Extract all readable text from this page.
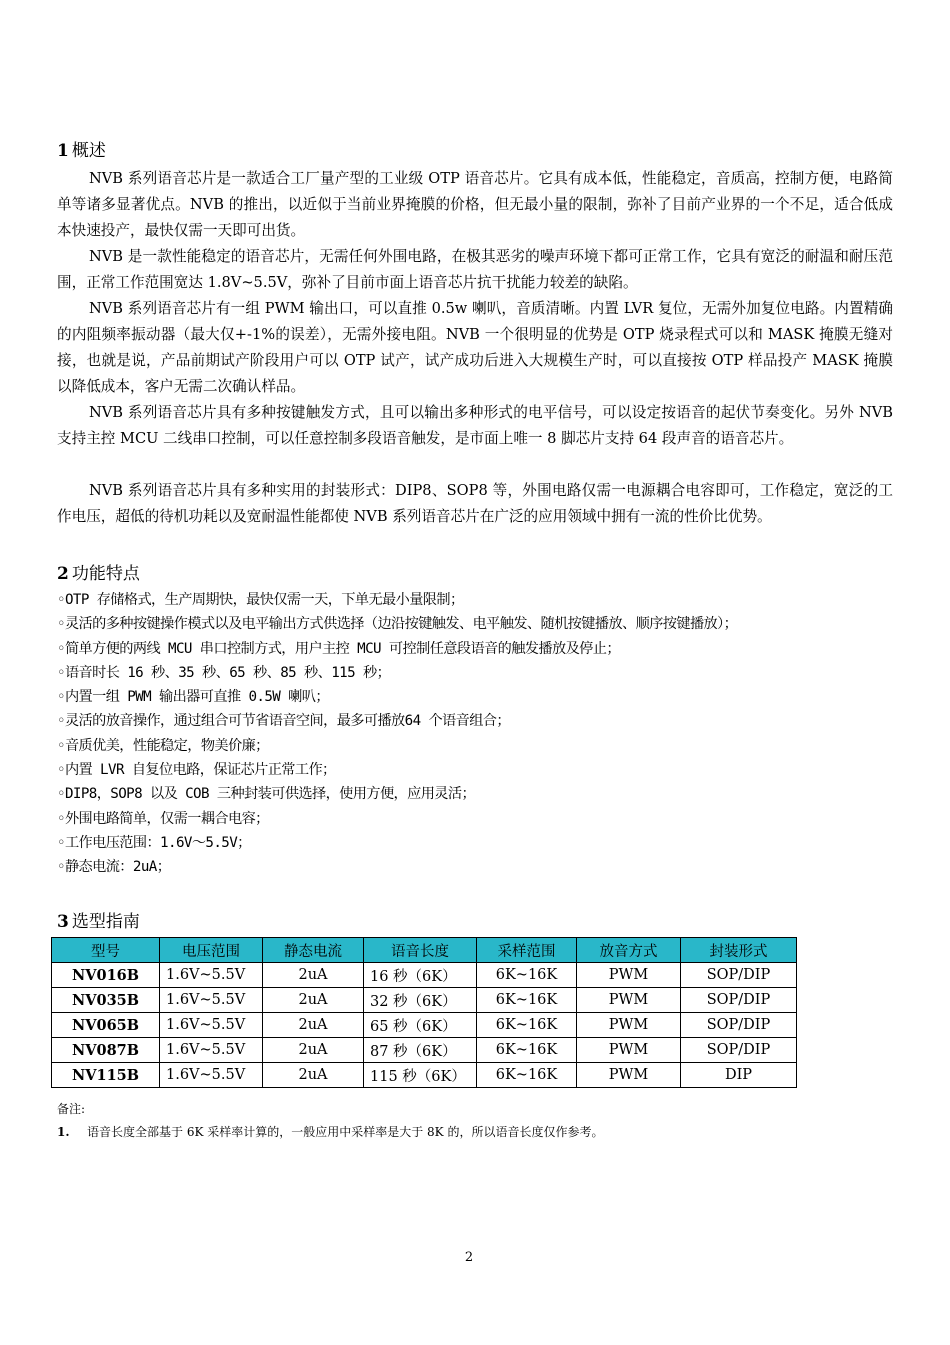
1 概述

NVB 系列语音芯片是一款适合工厂量产型的工业级 OTP 语音芯片。它具有成本低，性能稳定，音质高，控制方便，电路简单等诸多显著优点。NVB 的推出，以近似于当前业界掩膜的价格，但无最小量的限制，弥补了目前产业界的一个不足，适合低成本快速投产，最快仅需一天即可出货。

NVB 是一款性能稳定的语音芯片，无需任何外围电路，在极其恶劣的噪声环境下都可正常工作，它具有宽泛的耐温和耐压范围，正常工作范围宽达 1.8V~5.5V，弥补了目前市面上语音芯片抗干扰能力较差的缺陷。

NVB 系列语音芯片有一组 PWM 输出口，可以直推 0.5w 喇叭，音质清晰。内置 LVR 复位，无需外加复位电路。内置精确的内阻频率振动器（最大仅+-1%的误差），无需外接电阻。NVB 一个很明显的优势是 OTP 烧录程式可以和 MASK 掩膜无缝对接，也就是说，产品前期试产阶段用户可以 OTP 试产，试产成功后进入大规模生产时，可以直接按 OTP 样品投产 MASK 掩膜以降低成本，客户无需二次确认样品。

NVB 系列语音芯片具有多种按键触发方式，且可以输出多种形式的电平信号，可以设定按语音的起伏节奏变化。另外 NVB 支持主控 MCU 二线串口控制，可以任意控制多段语音触发，是市面上唯一 8 脚芯片支持 64 段声音的语音芯片。

NVB 系列语音芯片具有多种实用的封装形式：DIP8、SOP8 等，外围电路仅需一电源耦合电容即可，工作稳定，宽泛的工作电压，超低的待机功耗以及宽耐温性能都使 NVB 系列语音芯片在广泛的应用领域中拥有一流的性价比优势。

2 功能特点
◦OTP 存储格式，生产周期快，最快仅需一天，下单无最小量限制；
◦灵活的多种按键操作模式以及电平输出方式供选择（边沿按键触发、电平触发、随机按键播放、顺序按键播放）；
◦简单方便的两线 MCU 串口控制方式，用户主控 MCU 可控制任意段语音的触发播放及停止；
◦语音时长 16 秒、35 秒、65 秒、85 秒、115 秒；
◦内置一组 PWM 输出器可直推 0.5W 喇叭；
◦灵活的放音操作，通过组合可节省语音空间，最多可播放64 个语音组合；
◦音质优美，性能稳定，物美价廉；
◦内置 LVR 自复位电路，保证芯片正常工作；
◦DIP8，SOP8 以及 COB 三种封装可供选择，使用方便，应用灵活；
◦外围电路简单，仅需一耦合电容；
◦工作电压范围：1.6V～5.5V；
◦静态电流：2uA；
3 选型指南
型号	电压范围	静态电流	语音长度	采样范围	放音方式	封装形式
NV016B	1.6V~5.5V	2uA	16 秒（6K）	6K~16K	PWM	SOP/DIP
NV035B	1.6V~5.5V	2uA	32 秒（6K）	6K~16K	PWM	SOP/DIP
NV065B	1.6V~5.5V	2uA	65 秒（6K）	6K~16K	PWM	SOP/DIP
NV087B	1.6V~5.5V	2uA	87 秒（6K）	6K~16K	PWM	SOP/DIP
NV115B	1.6V~5.5V	2uA	115 秒（6K）	6K~16K	PWM	DIP
备注:
1. 语音长度全部基于 6K 采样率计算的，一般应用中采样率是大于 8K 的，所以语音长度仅作参考。
2
